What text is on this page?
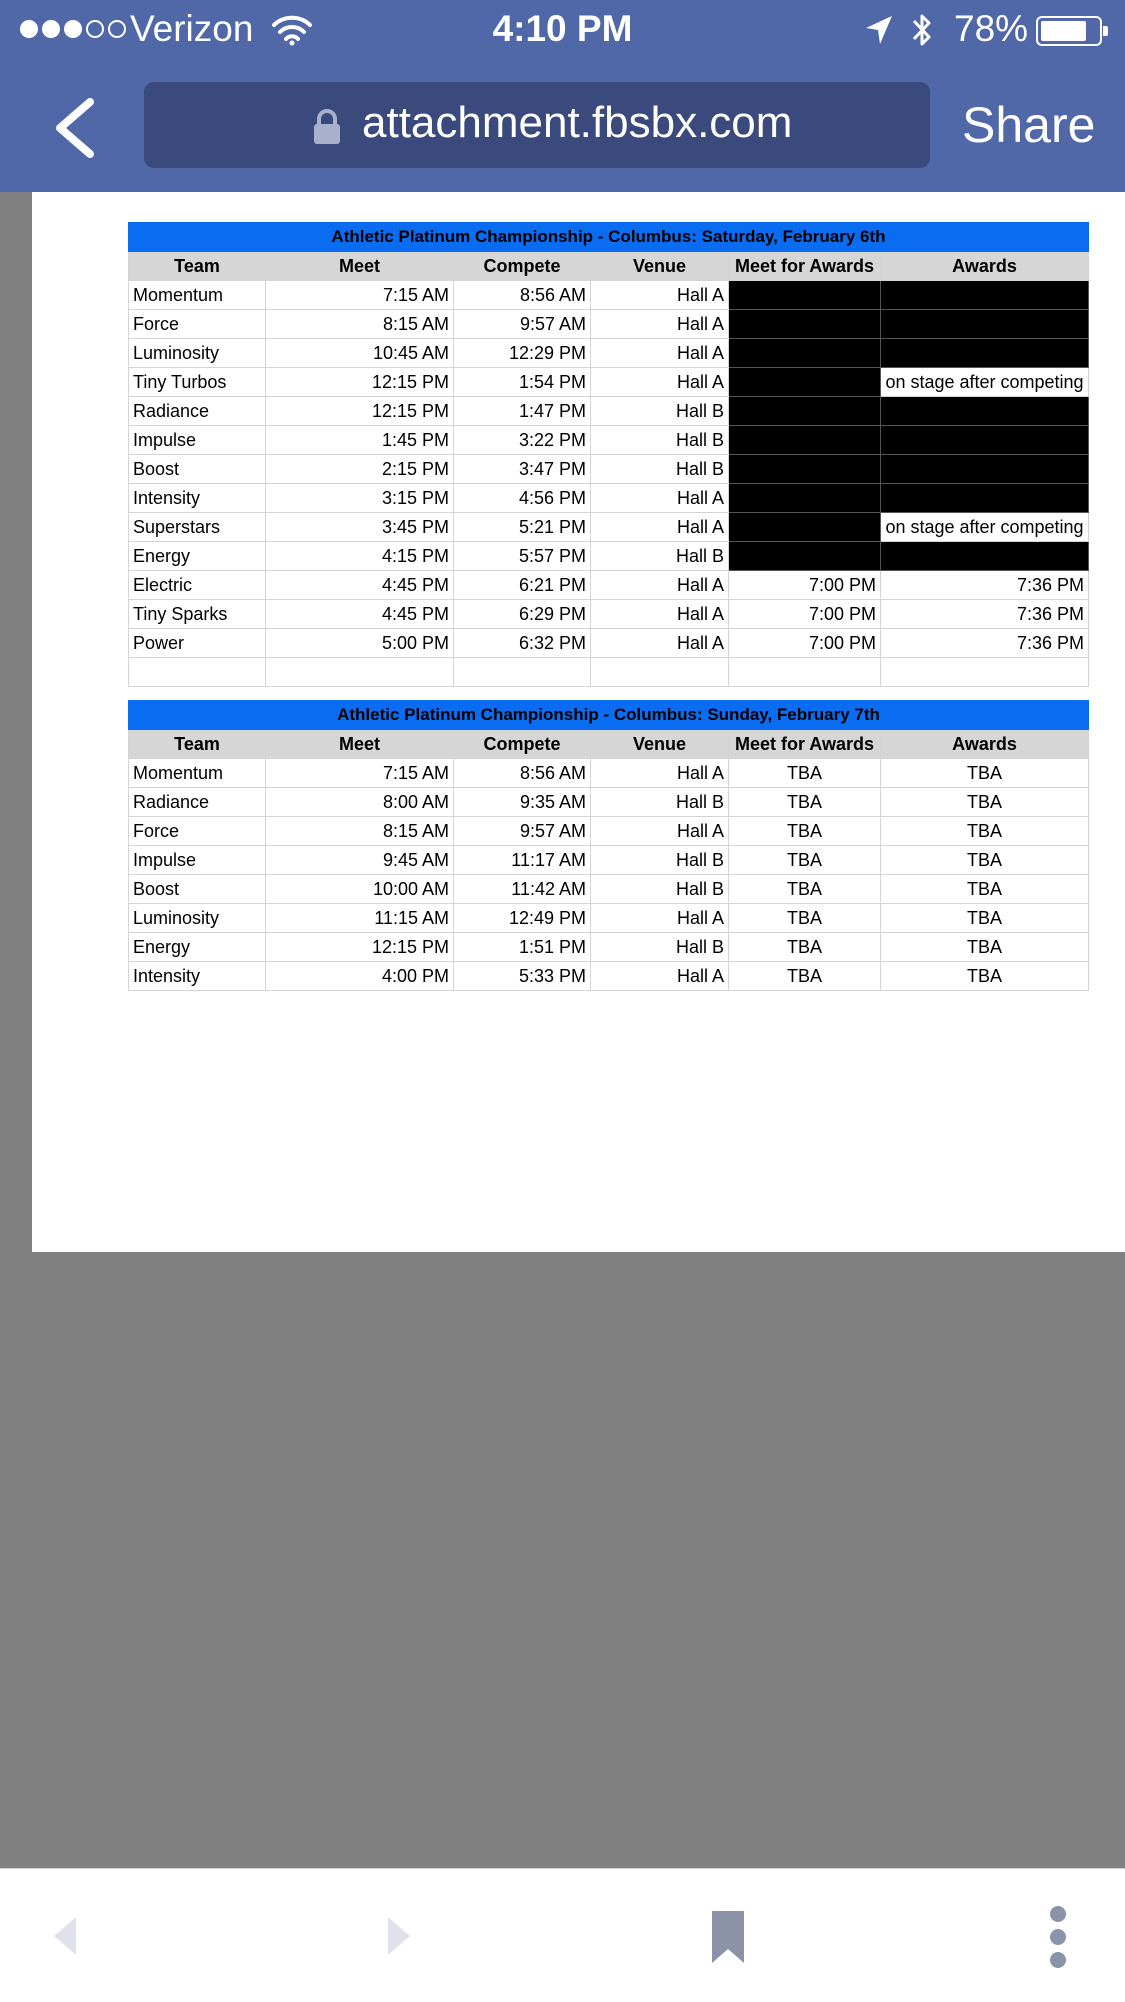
Verizon	4:10 PM	78%
attachment.fbsbx.com	Share
Athletic Platinum Championship - Columbus: Saturday, February 6th					
Team	Meet	Compete	Venue	Meet for Awards	Awards
Momentum	7:15 AM	8:56 AM	Hall A		
Force	8:15 AM	9:57 AM	Hall A		
Luminosity	10:45 AM	12:29 PM	Hall A		
Tiny Turbos	12:15 PM	1:54 PM	Hall A		on stage after competing
Radiance	12:15 PM	1:47 PM	Hall B		
Impulse	1:45 PM	3:22 PM	Hall B		
Boost	2:15 PM	3:47 PM	Hall B		
Intensity	3:15 PM	4:56 PM	Hall A		
Superstars	3:45 PM	5:21 PM	Hall A		on stage after competing
Energy	4:15 PM	5:57 PM	Hall B		
Electric	4:45 PM	6:21 PM	Hall A	7:00 PM	7:36 PM
Tiny Sparks	4:45 PM	6:29 PM	Hall A	7:00 PM	7:36 PM
Power	5:00 PM	6:32 PM	Hall A	7:00 PM	7:36 PM

Athletic Platinum Championship - Columbus: Sunday, February 7th					
Team	Meet	Compete	Venue	Meet for Awards	Awards
Momentum	7:15 AM	8:56 AM	Hall A	TBA	TBA
Radiance	8:00 AM	9:35 AM	Hall B	TBA	TBA
Force	8:15 AM	9:57 AM	Hall A	TBA	TBA
Impulse	9:45 AM	11:17 AM	Hall B	TBA	TBA
Boost	10:00 AM	11:42 AM	Hall B	TBA	TBA
Luminosity	11:15 AM	12:49 PM	Hall A	TBA	TBA
Energy	12:15 PM	1:51 PM	Hall B	TBA	TBA
Intensity	4:00 PM	5:33 PM	Hall A	TBA	TBA
